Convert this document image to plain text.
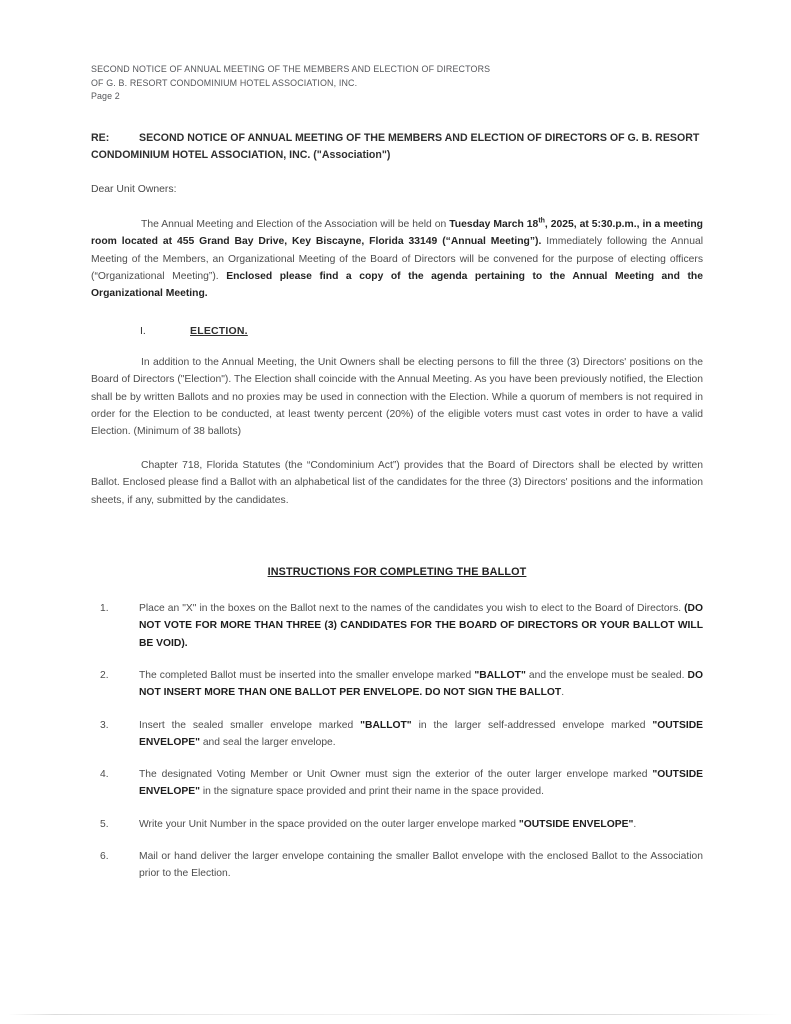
SECOND NOTICE OF ANNUAL MEETING OF THE MEMBERS AND ELECTION OF DIRECTORS
OF G. B. RESORT CONDOMINIUM HOTEL ASSOCIATION, INC.
Page 2
RE:	SECOND NOTICE OF ANNUAL MEETING OF THE MEMBERS AND ELECTION OF DIRECTORS OF G. B. RESORT CONDOMINIUM HOTEL ASSOCIATION, INC. ("Association")
Dear Unit Owners:

The Annual Meeting and Election of the Association will be held on Tuesday March 18th, 2025, at 5:30.p.m., in a meeting room located at 455 Grand Bay Drive, Key Biscayne, Florida 33149 (“Annual Meeting”). Immediately following the Annual Meeting of the Members, an Organizational Meeting of the Board of Directors will be convened for the purpose of electing officers (“Organizational Meeting”). Enclosed please find a copy of the agenda pertaining to the Annual Meeting and the Organizational Meeting.

I.	ELECTION.

In addition to the Annual Meeting, the Unit Owners shall be electing persons to fill the three (3) Directors' positions on the Board of Directors ("Election"). The Election shall coincide with the Annual Meeting. As you have been previously notified, the Election shall be by written Ballots and no proxies may be used in connection with the Election. While a quorum of members is not required in order for the Election to be conducted, at least twenty percent (20%) of the eligible voters must cast votes in order to have a valid Election. (Minimum of 38 ballots)

Chapter 718, Florida Statutes (the “Condominium Act”) provides that the Board of Directors shall be elected by written Ballot. Enclosed please find a Ballot with an alphabetical list of the candidates for the three (3) Directors' positions and the information sheets, if any, submitted by the candidates.

INSTRUCTIONS FOR COMPLETING THE BALLOT
1.	Place an "X" in the boxes on the Ballot next to the names of the candidates you wish to elect to the Board of Directors. (DO NOT VOTE FOR MORE THAN THREE (3) CANDIDATES FOR THE BOARD OF DIRECTORS OR YOUR BALLOT WILL BE VOID).
2.	The completed Ballot must be inserted into the smaller envelope marked "BALLOT" and the envelope must be sealed. DO NOT INSERT MORE THAN ONE BALLOT PER ENVELOPE. DO NOT SIGN THE BALLOT.
3.	Insert the sealed smaller envelope marked "BALLOT" in the larger self-addressed envelope marked "OUTSIDE ENVELOPE" and seal the larger envelope.
4.	The designated Voting Member or Unit Owner must sign the exterior of the outer larger envelope marked "OUTSIDE ENVELOPE" in the signature space provided and print their name in the space provided.
5.	Write your Unit Number in the space provided on the outer larger envelope marked "OUTSIDE ENVELOPE".
6.	Mail or hand deliver the larger envelope containing the smaller Ballot envelope with the enclosed Ballot to the Association prior to the Election.
